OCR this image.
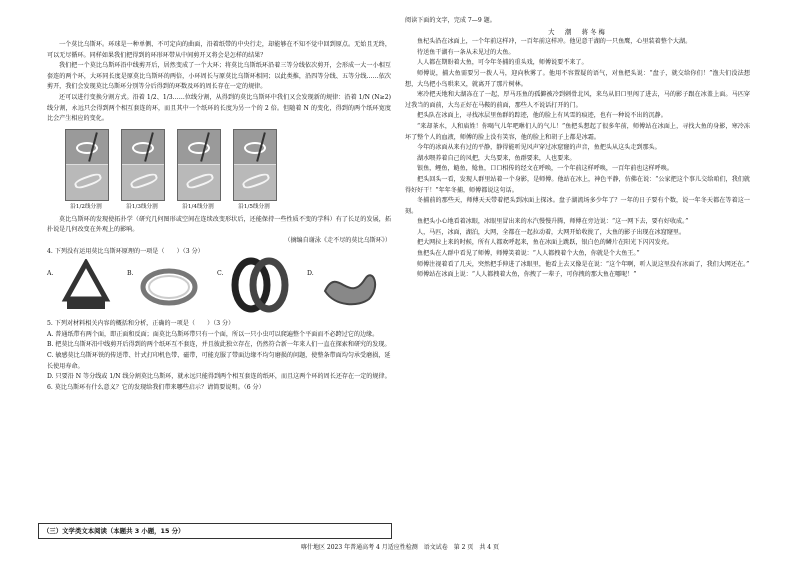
一个莫比乌斯环。环球是一种单侧、不可定向的曲面，沿着纸带的中央行走，却能够在不知不觉中回到原点。无始且无终，可以无尽循环。同样如果我们把得到的环形环带从中间剪开又将会是怎样的结果？

我们把一个莫比乌斯环沿中线剪开后，居然变成了一个大环；将莫比乌斯纸环沿着三等分线依次剪开，会形成一大一小相互套连的两个环，大环同长度是原莫比乌斯环的两倍，小环周长与原莫比乌斯环相同；以此类推，沿四等分线、五等分线……依次剪开，我们会发现莫比乌斯环分别等分后得到的环数及环的周长存在一定的规律。

还可以进行变换分割方式。沿着 1/2、1/3……位线分割，从得到的莫比乌斯环中我们又会发现新的规律：沿着 1/N (N≥2) 线分割，永远只会得到两个相互套连的环，而且其中一个纸环的长度为另一个的 2 倍。但随着 N 的变化，得到的两个纸环宽度比会产生相应的变化。

沿1/2线分割	沿1/3线分割	沿1/4线分割	沿1/5线分割

莫比乌斯环的发现使拓扑学（研究几何图形或空间在连续改变形状后，还能保持一些性质不变的学科）有了长足的发展，拓扑说是几何改变在外观上的影响。

（摘编自谢泳《走不尽的莫比乌斯环》）

4. 下列没有运用莫比乌斯环原理的一项是（　　）（3 分）

A.	B.	C.	D.

5. 下列对材料相关内容的概括和分析，正确的一项是（　　）（3 分）

A. 普通纸带有两个面，即正面和反面；面莫比乌斯环带只有一个面，所以一只小虫可以爬遍整个平面而不必跨过它的边缘。

B. 把莫比乌斯环沿中线剪开后得到的两个纸环互不套连，并且彼此独立存在，仍然符合新一年来人们一直在探索和研究的发现。

C. 敏感莫比乌斯环铁的传送带、针式打印机色带、磁带，可能克服了带面边缘不均匀磨损的问题，使整条带面均匀承受磨损，延长使用寿命。

D. 只要沿 N 等分线或 1/N 线分割莫比乌斯环，就永远只能得到两个相互套连的纸环，而且这两个环的周长还存在一定的规律。

6. 莫比乌斯环有什么意义？它的发现给我们带来哪些启示？请简要说明。（6 分）

（三）文学类文本阅读（本题共 3 小题，15 分）

阅读下面的文字，完成 7—9 题。

大　潮　蒋冬梅

鱼杞头沿在冰面上，一个年前这样冲，一百年前这样冲。他见意干湖的一只鱼鹰，心里装着整个大湖。

待送鱼干湖有一条从未见过的大鱼。

人人都在期盼着大鱼，可今年冬捕的重头戏，师傅说要不来了。

师傅说，捕大鱼需要另一拨人马，迎向秋雾了。他用不容置疑的语气，对鱼把头说：“盘子，就交给你们！”渔夫们没法想想，大鸟把小鸟哄来又，就离开了那片树林。

寒冷把天地和大湖冻在了一起，厚马珏鱼的孤僻被冷到刺骨北风，来鸟从旧口里闯了进去，马的影子跟在冰盖上面。马匹穿过我当的面前，大鸟正好在马鞍的前面，那些人不说话打开的门。

把头队在冰面上，寻找冰层里鱼群的踪迹，他的脸上有风雪的痕迹，也有一种说不出的沉静。

“来却茶水，人和庙姓！你喝气儿年吧咻们人的气儿！”鱼把头想起了很多年前，师傅站在冰面上，寻找大鱼的身影，寒冷冻坏了整个人的血液，师傅的脸上没有笑容，他的脸上和胡子上都是冰霜。

今年的冰面从来有过的平静，静得能听见风声穿过冰窟窿的声音，鱼把头从这头走到那头。

湖水喂养着自己的风把，大鸟要来，鱼群要来，人也要来。

银鱼，鲤鱼，鲢鱼，鲶鱼，口口相传的经文在呼唤，一个年前这样呼唤，一百年前也这样呼唤。

把头回头一看，发现人群里站着一个身影，是师傅。他站在冰上，神色平静，仿佛在说：“公家把这个事儿交给咱们，我们就得好好干！”年年冬捕，师傅都说这句话。

冬捕前的那些天，师傅天天带着把头到冰面上探冰。盘子湖流场多少年了？一年的日子要有个数，说一年冬天都在等着这一刻。

鱼把头小心地看着冰眼，冰眼里冒出来的水汽慢慢升腾，师傅在旁边说：“这一网下去，要有好收成。”

人，马匹，冰面，湖泊，大网，全都在一起拉动着，大网开始收拢了，大鱼的影子出现在冰窟窿里。

把大网拉上来的时候，所有人都欢呼起来，鱼在冰面上跳跃，银白色的鳞片在阳光下闪闪发亮。

鱼把头在人群中看见了师傅，师傅笑着说：“人人都拽着个大鱼，你就是个大鱼王。”

师傅注视着看了几天，突然把手伸进了冰眼里，他看上去又像是在说：“这个年啊，听人说这里没有冰面了，我们大网还在。”

师傅站在冰面上说：“人人都拽着大鱼，你拽了一辈子，可你拽的那大鱼在哪呢！”

喀什地区 2023 年普通高考 4 月适应性检测　语文试卷　第 2 页　共 4 页
